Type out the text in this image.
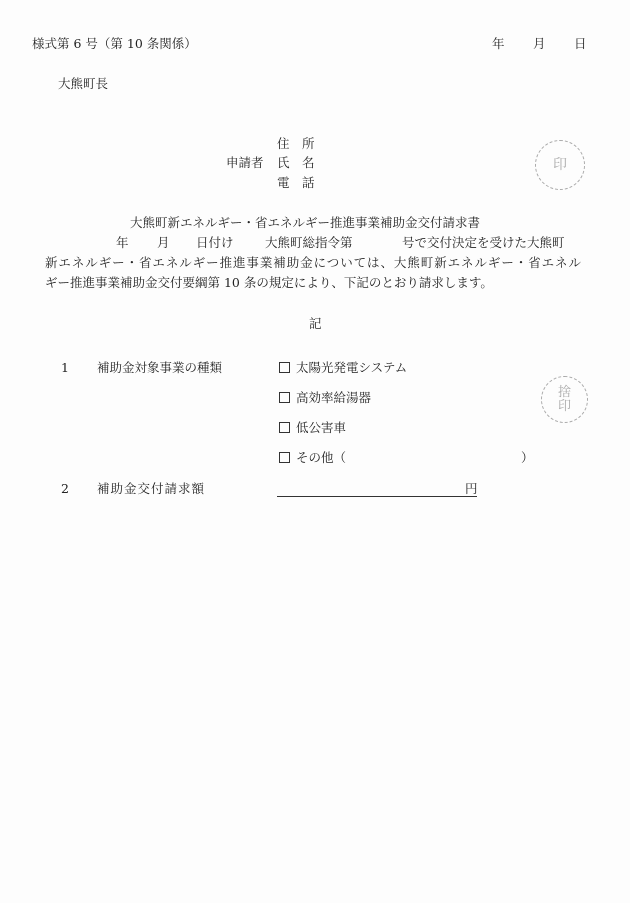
様式第 6 号（第 10 条関係）	年 月 日
大熊町長
住　所
申請者 氏　名
電　話
印
大熊町新エネルギー・省エネルギー推進事業補助金交付請求書
年 月 日付け	大熊町総指令第	号で交付決定を受けた大熊町
新エネルギー・省エネルギー推進事業補助金については、大熊町新エネルギー・省エネル
ギー推進事業補助金交付要綱第 10 条の規定により、下記のとおり請求します。
記
1 補助金対象事業の種類	太陽光発電システム
高効率給湯器
低公害車
その他（	）
捨
印
2 補助金交付請求額	円
